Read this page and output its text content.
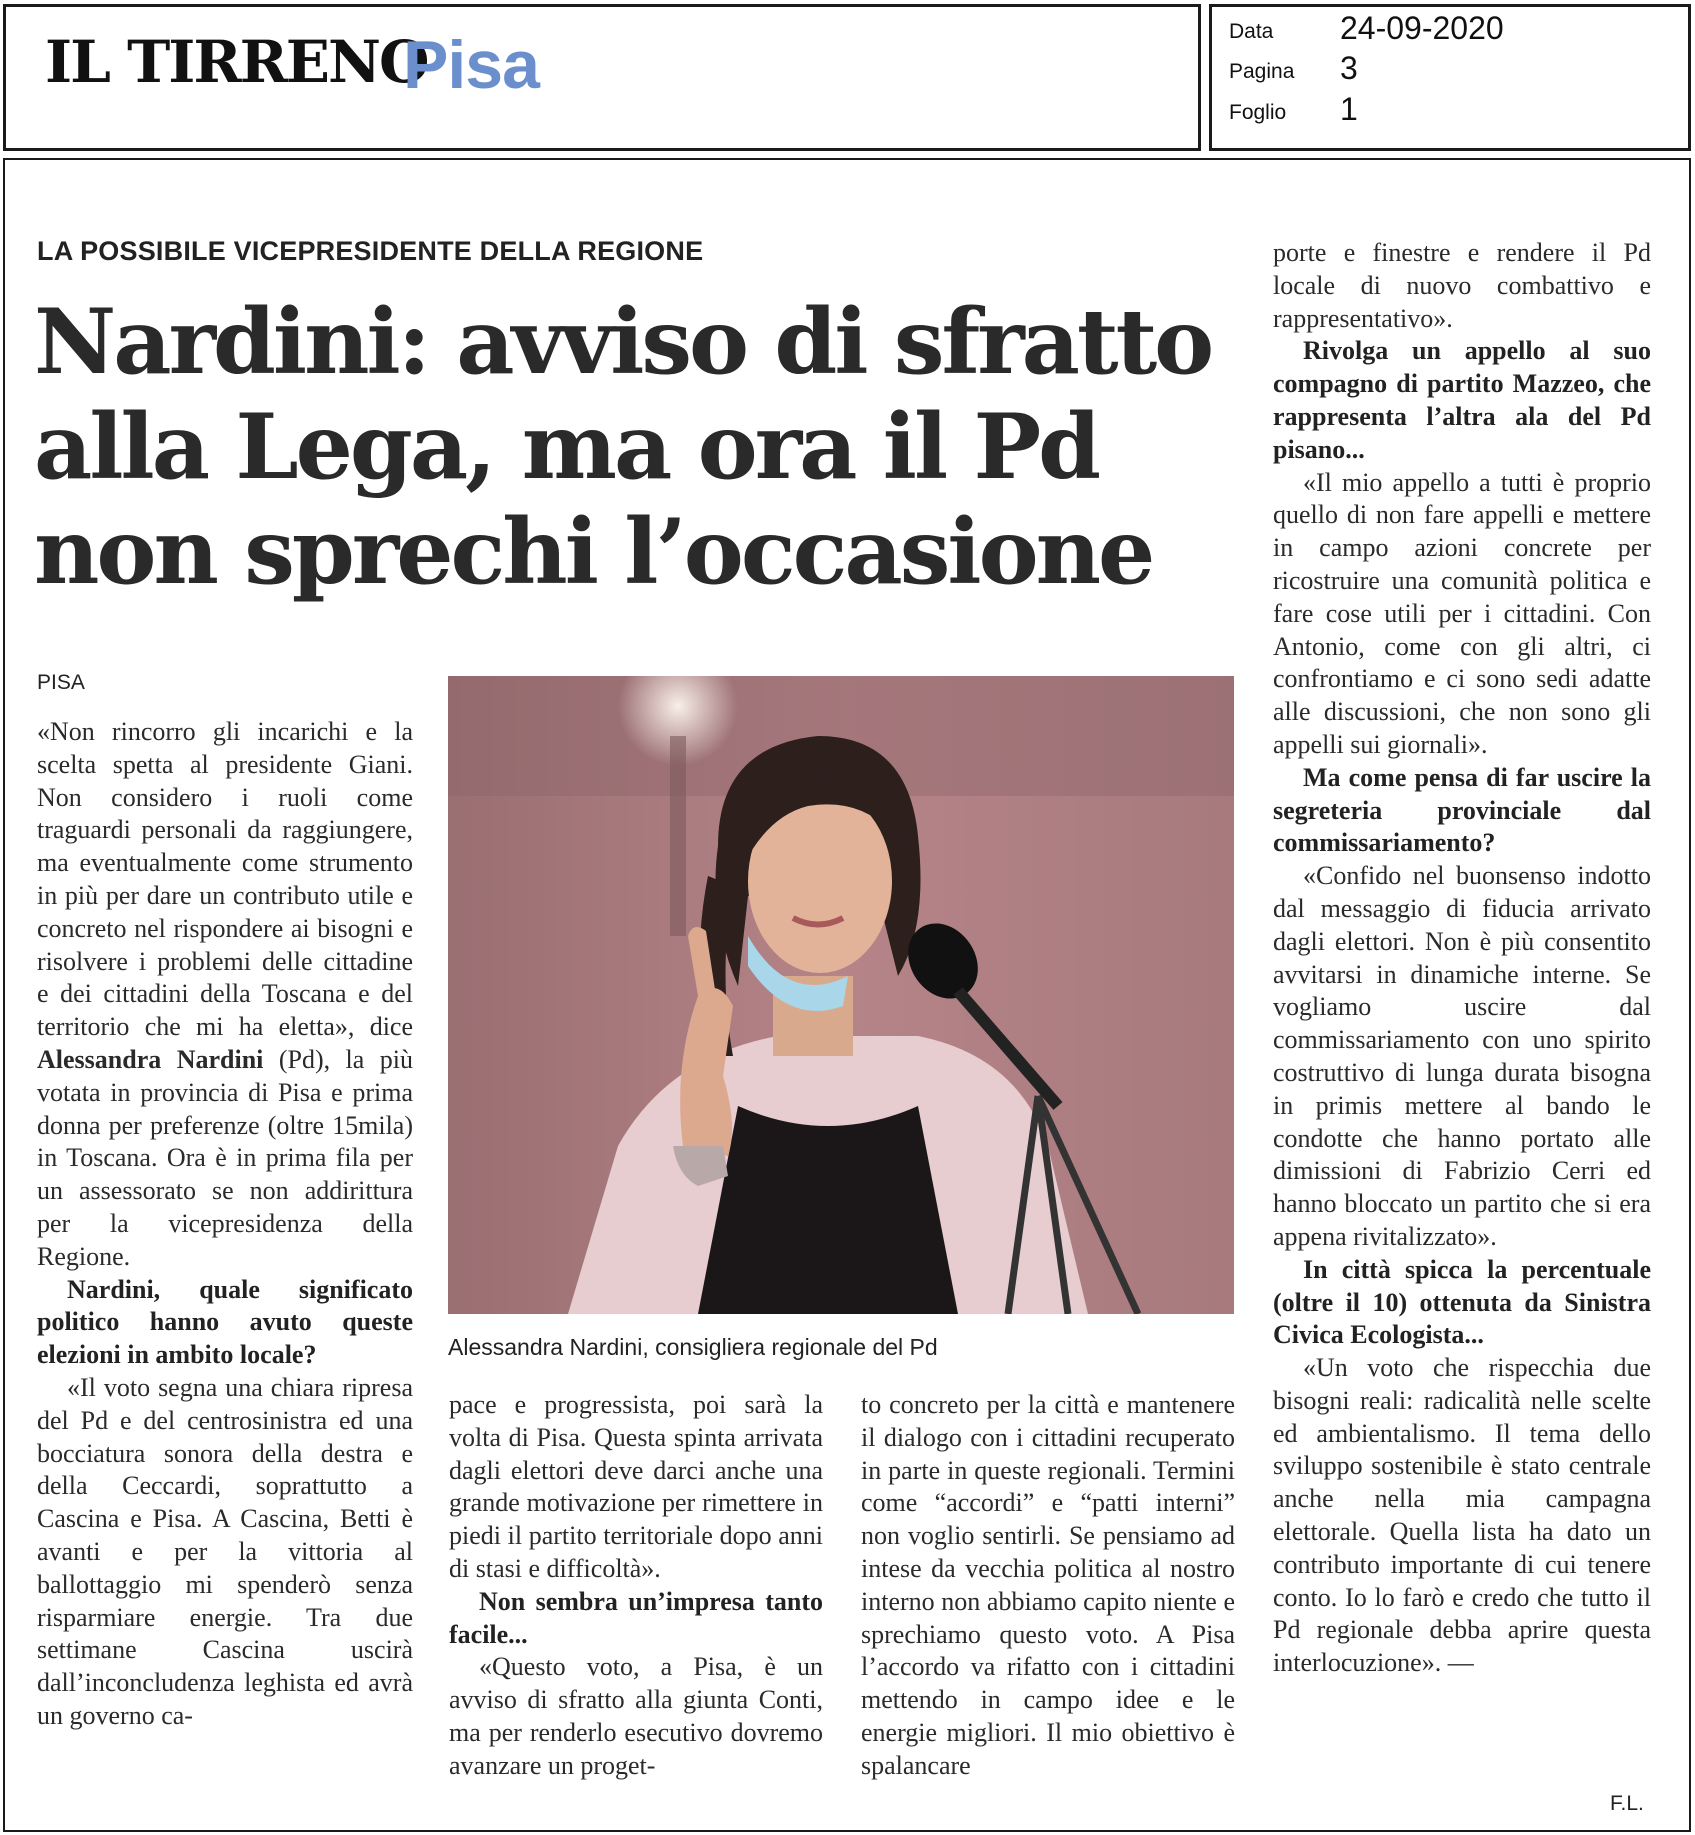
IL TIRRENO
Pisa	Data 24-09-2020
Pagina 3
Foglio 1
LA POSSIBILE VICEPRESIDENTE DELLA REGIONE
Nardini: avviso di sfratto
alla Lega, ma ora il Pd
non sprechi l’occasione
PISA

«Non rincorro gli incarichi e la scelta spetta al presidente Giani. Non considero i ruoli come traguardi personali da raggiungere, ma eventualmente come strumento in più per dare un contributo utile e concreto nel rispondere ai bisogni e risolvere i problemi delle cittadine e dei cittadini della Toscana e del territorio che mi ha eletta», dice Alessandra Nardini (Pd), la più votata in provincia di Pisa e prima donna per preferenze (oltre 15mila) in Toscana. Ora è in prima fila per un assessorato se non addirittura per la vicepresidenza della Regione.

Nardini, quale significato politico hanno avuto queste elezioni in ambito locale?

«Il voto segna una chiara ripresa del Pd e del centrosinistra ed una bocciatura sonora della destra e della Ceccardi, soprattutto a Cascina e Pisa. A Cascina, Betti è avanti e per la vittoria al ballottaggio mi spenderò senza risparmiare energie. Tra due settimane Cascina uscirà dall’inconcludenza leghista ed avrà un governo ca-

Alessandra Nardini, consigliera regionale del Pd

pace e progressista, poi sarà la volta di Pisa. Questa spinta arrivata dagli elettori deve darci anche una grande motivazione per rimettere in piedi il partito territoriale dopo anni di stasi e difficoltà».

Non sembra un’impresa tanto facile...

«Questo voto, a Pisa, è un avviso di sfratto alla giunta Conti, ma per renderlo esecutivo dovremo avanzare un proget-

to concreto per la città e mantenere il dialogo con i cittadini recuperato in parte in queste regionali. Termini come “accordi” e “patti interni” non voglio sentirli. Se pensiamo ad intese da vecchia politica al nostro interno non abbiamo capito niente e sprechiamo questo voto. A Pisa l’accordo va rifatto con i cittadini mettendo in campo idee e le energie migliori. Il mio obiettivo è spalancare

porte e finestre e rendere il Pd locale di nuovo combattivo e rappresentativo».

Rivolga un appello al suo compagno di partito Mazzeo, che rappresenta l’altra ala del Pd pisano...

«Il mio appello a tutti è proprio quello di non fare appelli e mettere in campo azioni concrete per ricostruire una comunità politica e fare cose utili per i cittadini. Con Antonio, come con gli altri, ci confrontiamo e ci sono sedi adatte alle discussioni, che non sono gli appelli sui giornali».

Ma come pensa di far uscire la segreteria provinciale dal commissariamento?

«Confido nel buonsenso indotto dal messaggio di fiducia arrivato dagli elettori. Non è più consentito avvitarsi in dinamiche interne. Se vogliamo uscire dal commissariamento con uno spirito costruttivo di lunga durata bisogna in primis mettere al bando le condotte che hanno portato alle dimissioni di Fabrizio Cerri ed hanno bloccato un partito che si era appena rivitalizzato».

In città spicca la percentuale (oltre il 10) ottenuta da Sinistra Civica Ecologista...

«Un voto che rispecchia due bisogni reali: radicalità nelle scelte ed ambientalismo. Il tema dello sviluppo sostenibile è stato centrale anche nella mia campagna elettorale. Quella lista ha dato un contributo importante di cui tenere conto. Io lo farò e credo che tutto il Pd regionale debba aprire questa interlocuzione». —

F.L.
